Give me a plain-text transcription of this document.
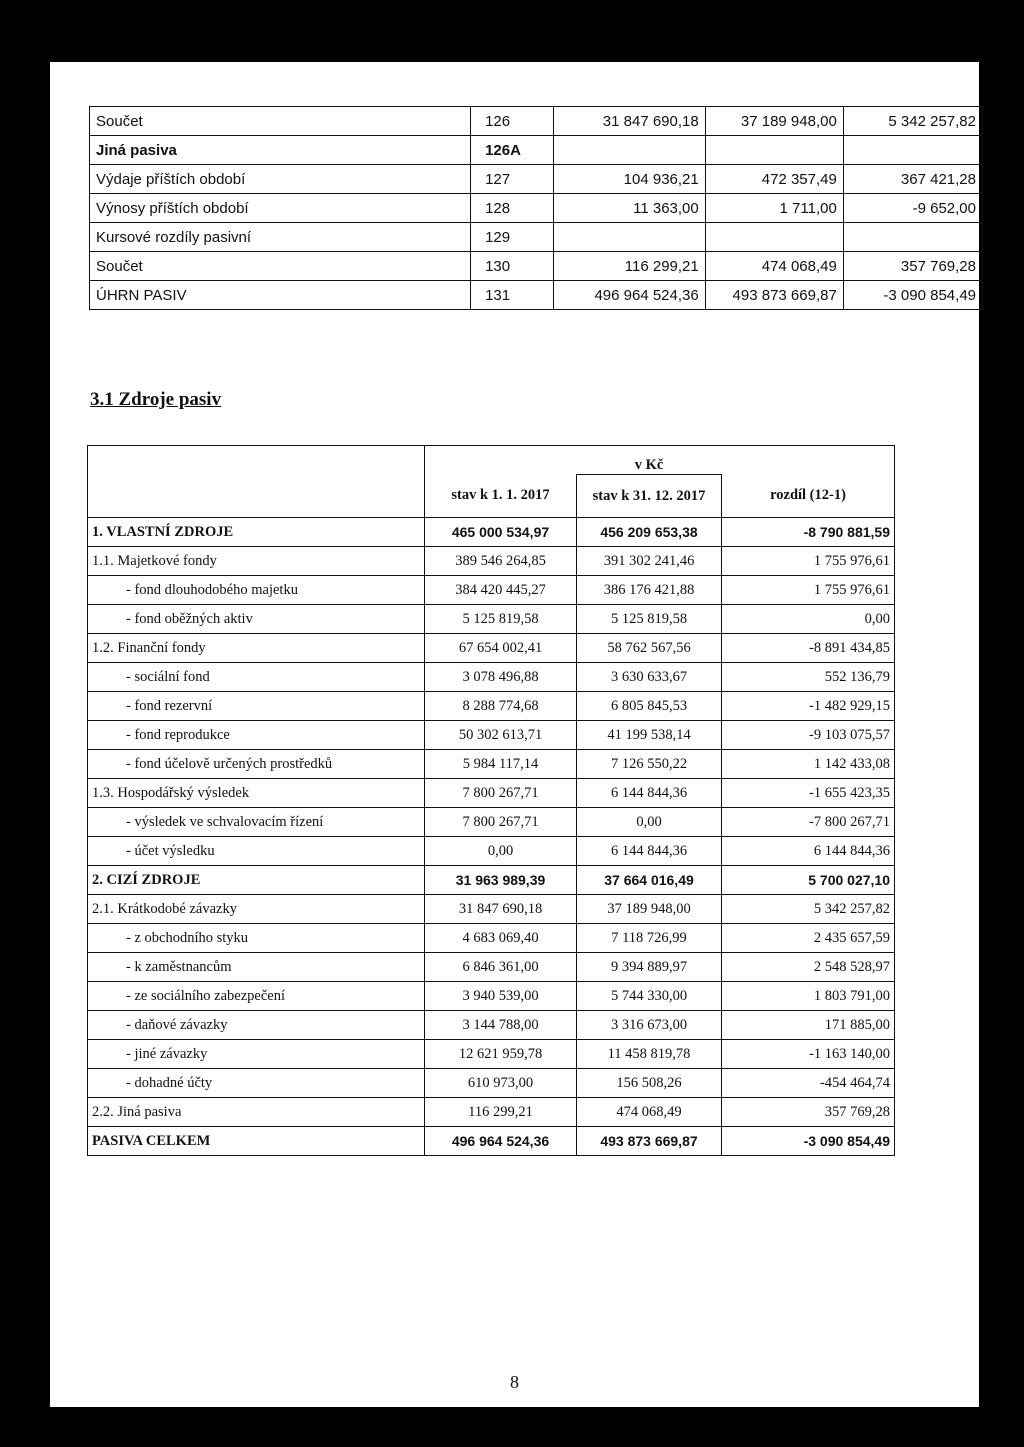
Součet	126	31 847 690,18	37 189 948,00	5 342 257,82
Jiná pasiva	126A			
Výdaje příštích období	127	104 936,21	472 357,49	367 421,28
Výnosy příštích období	128	11 363,00	1 711,00	-9 652,00
Kursové rozdíly pasivní	129			
Součet	130	116 299,21	474 068,49	357 769,28
ÚHRN PASIV	131	496 964 524,36	493 873 669,87	-3 090 854,49
3.1 Zdroje pasiv
		v Kč	
	stav k 1. 1. 2017	stav k 31. 12. 2017	rozdíl (12-1)
1. VLASTNÍ ZDROJE	465 000 534,97	456 209 653,38	-8 790 881,59
1.1. Majetkové fondy	389 546 264,85	391 302 241,46	1 755 976,61
- fond dlouhodobého majetku	384 420 445,27	386 176 421,88	1 755 976,61
- fond oběžných aktiv	5 125 819,58	5 125 819,58	0,00
1.2. Finanční fondy	67 654 002,41	58 762 567,56	-8 891 434,85
- sociální fond	3 078 496,88	3 630 633,67	552 136,79
- fond rezervní	8 288 774,68	6 805 845,53	-1 482 929,15
- fond reprodukce	50 302 613,71	41 199 538,14	-9 103 075,57
- fond účelově určených prostředků	5 984 117,14	7 126 550,22	1 142 433,08
1.3. Hospodářský výsledek	7 800 267,71	6 144 844,36	-1 655 423,35
- výsledek ve schvalovacím řízení	7 800 267,71	0,00	-7 800 267,71
- účet výsledku	0,00	6 144 844,36	6 144 844,36
2. CIZÍ ZDROJE	31 963 989,39	37 664 016,49	5 700 027,10
2.1. Krátkodobé závazky	31 847 690,18	37 189 948,00	5 342 257,82
- z obchodního styku	4 683 069,40	7 118 726,99	2 435 657,59
- k zaměstnancům	6 846 361,00	9 394 889,97	2 548 528,97
- ze sociálního zabezpečení	3 940 539,00	5 744 330,00	1 803 791,00
- daňové závazky	3 144 788,00	3 316 673,00	171 885,00
- jiné závazky	12 621 959,78	11 458 819,78	-1 163 140,00
- dohadné účty	610 973,00	156 508,26	-454 464,74
2.2. Jiná pasiva	116 299,21	474 068,49	357 769,28
PASIVA CELKEM	496 964 524,36	493 873 669,87	-3 090 854,49
8
